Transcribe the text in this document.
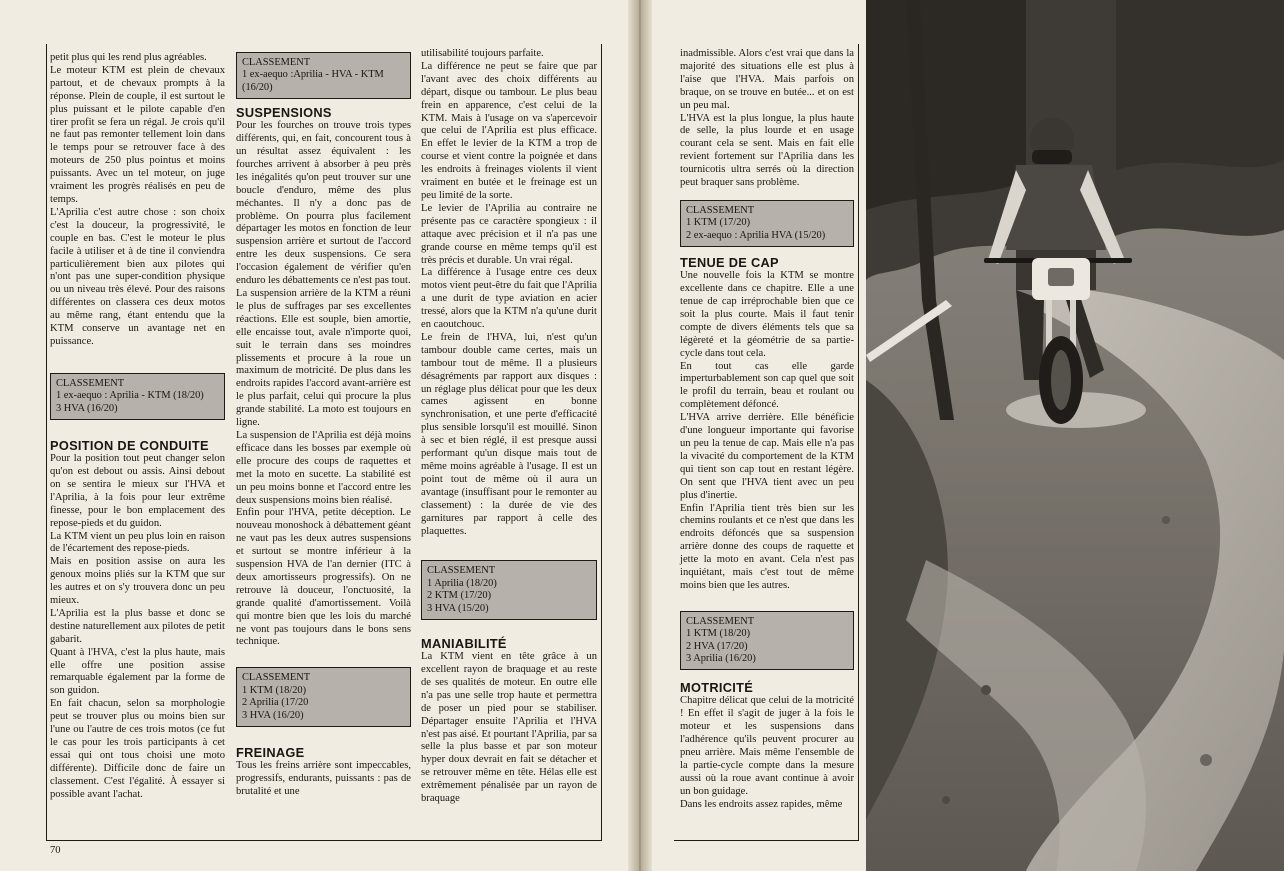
petit plus qui les rend plus agréables.

Le moteur KTM est plein de chevaux partout, et de chevaux prompts à la réponse. Plein de couple, il est surtout le plus puissant et le pilote capable d'en tirer profit se fera un régal. Je crois qu'il ne faut pas remonter tellement loin dans le temps pour se retrouver face à des moteurs de 250 plus pointus et moins puissants. Avec un tel moteur, on juge vraiment les progrès réalisés en peu de temps.

L'Aprilia c'est autre chose : son choix c'est la douceur, la progressivité, le couple en bas. C'est le moteur le plus facile à utiliser et à de tine il conviendra particulièrement bien aux pilotes qui n'ont pas une super-condition physique ou un niveau très élevé. Pour des raisons différentes on classera ces deux motos au même rang, étant entendu que la KTM conserve un avantage net en puissance.

CLASSEMENT
1 ex-aequo : Aprilia - KTM (18/20)
3 HVA (16/20)
POSITION DE CONDUITE

Pour la position tout peut changer selon qu'on est debout ou assis. Ainsi debout on se sentira le mieux sur l'HVA et l'Aprilia, à la fois pour leur extrême finesse, pour le bon emplacement des repose-pieds et du guidon.

La KTM vient un peu plus loin en raison de l'écartement des repose-pieds.

Mais en position assise on aura les genoux moins pliés sur la KTM que sur les autres et on s'y trouvera donc un peu mieux.

L'Aprilia est la plus basse et donc se destine naturellement aux pilotes de petit gabarit.

Quant à l'HVA, c'est la plus haute, mais elle offre une position assise remarquable également par la forme de son guidon.

En fait chacun, selon sa morphologie peut se trouver plus ou moins bien sur l'une ou l'autre de ces trois motos (ce fut le cas pour les trois participants à cet essai qui ont tous choisi une moto différente). Difficile donc de faire un classement. C'est l'égalité. À essayer si possible avant l'achat.

CLASSEMENT
1 ex-aequo :Aprilia - HVA - KTM
(16/20)
SUSPENSIONS

Pour les fourches on trouve trois types différents, qui, en fait, concourent tous à un résultat assez équivalent : les fourches arrivent à absorber à peu près les inégalités qu'on peut trouver sur une boucle d'enduro, même des plus méchantes. Il n'y a donc pas de problème. On pourra plus facilement départager les motos en fonction de leur suspension arrière et surtout de l'accord entre les deux suspensions. Ce sera l'occasion également de vérifier qu'en enduro les débattements ce n'est pas tout.

La suspension arrière de la KTM a réuni le plus de suffrages par ses excellentes réactions. Elle est souple, bien amortie, elle encaisse tout, avale n'importe quoi, suit le terrain dans ses moindres plissements et procure à la roue un maximum de motricité. De plus dans les endroits rapides l'accord avant-arrière est le plus parfait, celui qui procure la plus grande stabilité. La moto est toujours en ligne.

La suspension de l'Aprilia est déjà moins efficace dans les bosses par exemple où elle procure des coups de raquettes et met la moto en sucette. La stabilité est un peu moins bonne et l'accord entre les deux suspensions moins bien réalisé.

Enfin pour l'HVA, petite déception. Le nouveau monoshock à débattement géant ne vaut pas les deux autres suspensions et surtout se montre inférieur à la suspension HVA de l'an dernier (ITC à deux amortisseurs progressifs). On ne retrouve là douceur, l'onctuosité, la grande qualité d'amortissement. Voilà qui montre bien que les lois du marché ne vont pas toujours dans le bons sens technique.

CLASSEMENT
1 KTM (18/20)
2 Aprilia (17/20
3 HVA (16/20)
FREINAGE

Tous les freins arrière sont impeccables, progressifs, endurants, puissants : pas de brutalité et une

utilisabilité toujours parfaite.

La différence ne peut se faire que par l'avant avec des choix différents au départ, disque ou tambour. Le plus beau frein en apparence, c'est celui de la KTM. Mais à l'usage on va s'apercevoir que celui de l'Aprilia est plus efficace. En effet le levier de la KTM a trop de course et vient contre la poignée et dans les endroits à freinages violents il vient vraiment en butée et le freinage est un peu limité de la sorte.

Le levier de l'Aprilia au contraire ne présente pas ce caractère spongieux : il attaque avec précision et il n'a pas une grande course en même temps qu'il est très précis et durable. Un vrai régal.

La différence à l'usage entre ces deux motos vient peut-être du fait que l'Aprilia a une durit de type aviation en acier tressé, alors que la KTM n'a qu'une durit en caoutchouc.

Le frein de l'HVA, lui, n'est qu'un tambour double came certes, mais un tambour tout de même. Il a plusieurs désagréments par rapport aux disques : un réglage plus délicat pour que les deux cames agissent en bonne synchronisation, et une perte d'efficacité plus sensible lorsqu'il est mouillé. Sinon à sec et bien réglé, il est presque aussi performant qu'un disque mais tout de même moins agréable à l'usage. Il est un point tout de même où il aura un avantage (insuffisant pour le remonter au classement) : la durée de vie des garnitures par rapport à celle des plaquettes.

CLASSEMENT
1 Aprilia (18/20)
2 KTM (17/20)
3 HVA (15/20)
MANIABILITÉ

La KTM vient en tête grâce à un excellent rayon de braquage et au reste de ses qualités de moteur. En outre elle n'a pas une selle trop haute et permettra de poser un pied pour se stabiliser. Départager ensuite l'Aprilia et l'HVA n'est pas aisé. Et pourtant l'Aprilia, par sa selle la plus basse et par son moteur hyper doux devrait en fait se détacher et se retrouver même en tête. Hélas elle est extrêmement pénalisée par un rayon de braquage

inadmissible. Alors c'est vrai que dans la majorité des situations elle est plus à l'aise que l'HVA. Mais parfois on braque, on se trouve en butée... et on est un peu mal.

L'HVA est la plus longue, la plus haute de selle, la plus lourde et en usage courant cela se sent. Mais en fait elle revient fortement sur l'Aprilia dans les tournicotis ultra serrés où la direction peut braquer sans problème.

CLASSEMENT
1 KTM (17/20)
2 ex-aequo : Aprilia HVA (15/20)
TENUE DE CAP

Une nouvelle fois la KTM se montre excellente dans ce chapitre. Elle a une tenue de cap irréprochable bien que ce soit la plus courte. Mais il faut tenir compte de divers éléments tels que sa légèreté et la géométrie de sa partie-cycle dans tout cela.

En tout cas elle garde imperturbablement son cap quel que soit le profil du terrain, beau et roulant ou complètement défoncé.

L'HVA arrive derrière. Elle bénéficie d'une longueur importante qui favorise un peu la tenue de cap. Mais elle n'a pas la vivacité du comportement de la KTM qui tient son cap tout en restant légère. On sent que l'HVA tient avec un peu plus d'inertie.

Enfin l'Aprilia tient très bien sur les chemins roulants et ce n'est que dans les endroits défoncés que sa suspension arrière donne des coups de raquette et jette la moto en avant. Cela n'est pas inquiétant, mais c'est tout de même moins bien que les autres.

CLASSEMENT
1 KTM (18/20)
2 HVA (17/20)
3 Aprilia (16/20)
MOTRICITÉ

Chapitre délicat que celui de la motricité ! En effet il s'agit de juger à la fois le moteur et les suspensions dans l'adhérence qu'ils peuvent procurer au pneu arrière. Mais même l'ensemble de la partie-cycle compte dans la mesure aussi où la roue avant continue à avoir un bon guidage.

Dans les endroits assez rapides, même

70
